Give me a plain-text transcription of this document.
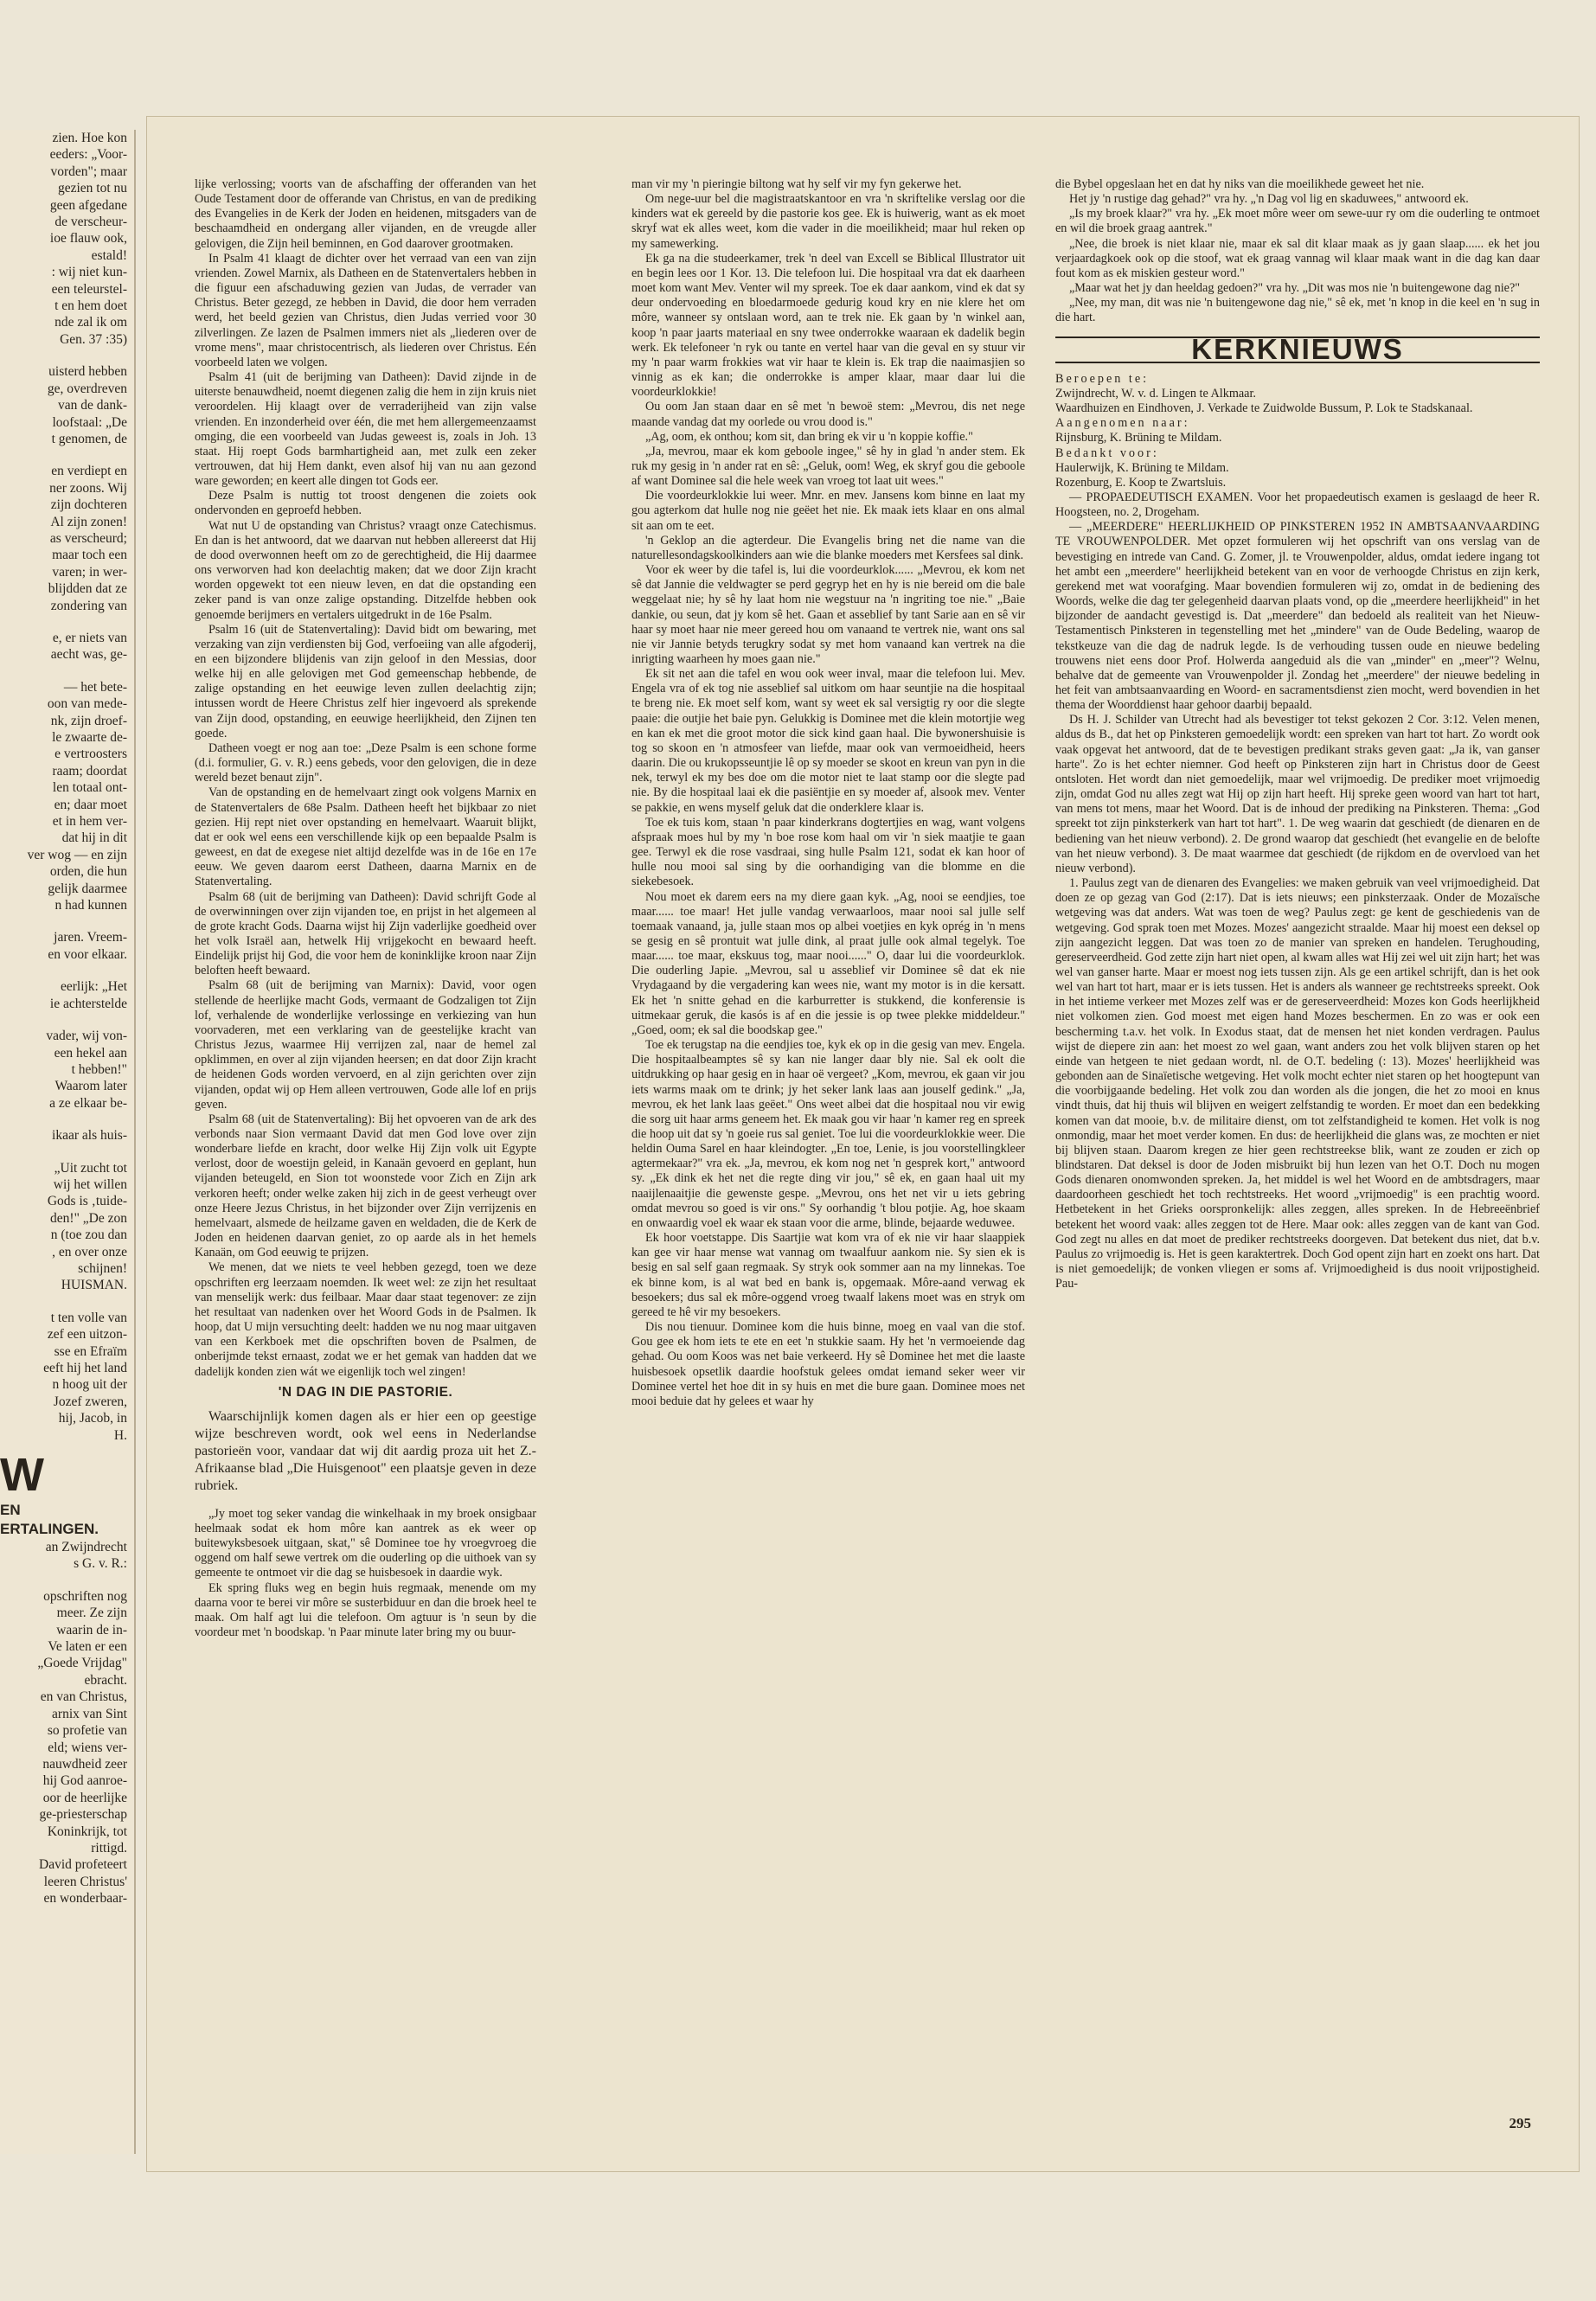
zien. Hoe kon
eeders: „Voor-
vorden"; maar
gezien tot nu
geen afgedane
de verscheur-
ioe flauw ook,
estald!
: wij niet kun-
een teleurstel-
t en hem doet
nde zal ik om
Gen. 37 :35)
uisterd hebben
ge, overdreven
van de dank-
loofstaal: „De
t genomen, de
en verdiept en
ner zoons. Wij
zijn dochteren
Al zijn zonen!
as verscheurd;
maar toch een
varen; in wer-
blijdden dat ze
zondering van
e, er niets van
aecht was, ge-
— het bete-
oon van mede-
nk, zijn droef-
le zwaarte de-
e vertroosters
raam; doordat
len totaal ont-
en; daar moet
et in hem ver-
dat hij in dit
ver wog — en zijn
orden, die hun
gelijk daarmee
n had kunnen
jaren. Vreem-
en voor elkaar.
eerlijk: „Het
ie achterstelde
vader, wij von-
een hekel aan
t hebben!"
Waarom later
a ze elkaar be-
ikaar als huis-
„Uit zucht tot
wij het willen
Gods is ‚tuide-
den!" „De zon
n (toe zou dan
, en over onze
schijnen!
HUISMAN.
t ten volle van
zef een uitzon-
sse en Efraïm
eeft hij het land
n hoog uit der
Jozef zweren,
hij, Jacob, in
H.
W
EN
ERTALINGEN.
an Zwijndrecht
s G. v. R.:
opschriften nog
meer. Ze zijn
waarin de in-
Ve laten er een
„Goede Vrijdag"
ebracht.
en van Christus,
arnix van Sint
so profetie van
eld; wiens ver-
nauwdheid zeer
hij God aanroe-
oor de heerlijke
ge-priesterschap
Koninkrijk, tot
rittigd.
David profeteert
leeren Christus'
en wonderbaar-

lijke verlossing; voorts van de afschaffing der offeranden van het Oude Testament door de offerande van Christus, en van de prediking des Evangelies in de Kerk der Joden en heidenen, mitsgaders van de beschaamdheid en ondergang aller vijanden, en de vreugde aller gelovigen, die Zijn heil beminnen, en God daarover grootmaken.

In Psalm 41 klaagt de dichter over het verraad van een van zijn vrienden. Zowel Marnix, als Datheen en de Statenvertalers hebben in die figuur een afschaduwing gezien van Judas, de verrader van Christus. Beter gezegd, ze hebben in David, die door hem verraden werd, het beeld gezien van Christus, dien Judas verried voor 30 zilverlingen. Ze lazen de Psalmen immers niet als „liederen over de vrome mens", maar christocentrisch, als liederen over Christus. Eén voorbeeld laten we volgen.

Psalm 41 (uit de berijming van Datheen): David zijnde in de uiterste benauwdheid, noemt diegenen zalig die hem in zijn kruis niet veroordelen. Hij klaagt over de verraderijheid van zijn valse vrienden. En inzonderheid over één, die met hem allergemeenzaamst omging, die een voorbeeld van Judas geweest is, zoals in Joh. 13 staat. Hij roept Gods barmhartigheid aan, met zulk een zeker vertrouwen, dat hij Hem dankt, even alsof hij van nu aan gezond ware geworden; en keert alle dingen tot Gods eer.

Deze Psalm is nuttig tot troost dengenen die zoiets ook ondervonden en geproefd hebben.

Wat nut U de opstanding van Christus? vraagt onze Catechismus. En dan is het antwoord, dat we daarvan nut hebben allereerst dat Hij de dood overwonnen heeft om zo de gerechtigheid, die Hij daarmee ons verworven had kon deelachtig maken; dat we door Zijn kracht worden opgewekt tot een nieuw leven, en dat die opstanding een zeker pand is van onze zalige opstanding. Ditzelfde hebben ook genoemde berijmers en vertalers uitgedrukt in de 16e Psalm.

Psalm 16 (uit de Statenvertaling): David bidt om bewaring, met verzaking van zijn verdiensten bij God, verfoeiing van alle afgoderij, en een bijzondere blijdenis van zijn geloof in den Messias, door welke hij en alle gelovigen met God gemeenschap hebbende, de zalige opstanding en het eeuwige leven zullen deelachtig zijn; intussen wordt de Heere Christus zelf hier ingevoerd als sprekende van Zijn dood, opstanding, en eeuwige heerlijkheid, den Zijnen ten goede.

Datheen voegt er nog aan toe: „Deze Psalm is een schone forme (d.i. formulier, G. v. R.) eens gebeds, voor den gelovigen, die in deze wereld bezet benaut zijn".

Van de opstanding en de hemelvaart zingt ook volgens Marnix en de Statenvertalers de 68e Psalm. Datheen heeft het bijkbaar zo niet gezien. Hij rept niet over opstanding en hemelvaart. Waaruit blijkt, dat er ook wel eens een verschillende kijk op een bepaalde Psalm is geweest, en dat de exegese niet altijd dezelfde was in de 16e en 17e eeuw. We geven daarom eerst Datheen, daarna Marnix en de Statenvertaling.

Psalm 68 (uit de berijming van Datheen): David schrijft Gode al de overwinningen over zijn vijanden toe, en prijst in het algemeen al de grote kracht Gods. Daarna wijst hij Zijn vaderlijke goedheid over het volk Israël aan, hetwelk Hij vrijgekocht en bewaard heeft. Eindelijk prijst hij God, die voor hem de koninklijke kroon naar Zijn beloften heeft bewaard.

Psalm 68 (uit de berijming van Marnix): David, voor ogen stellende de heerlijke macht Gods, vermaant de Godzaligen tot Zijn lof, verhalende de wonderlijke verlossinge en verkiezing van hun voorvaderen, met een verklaring van de geestelijke kracht van Christus Jezus, waarmee Hij verrijzen zal, naar de hemel zal opklimmen, en over al zijn vijanden heersen; en dat door Zijn kracht de heidenen Gods worden vervoerd, en al zijn gerichten over zijn vijanden, opdat wij op Hem alleen vertrouwen, Gode alle lof en prijs geven.

Psalm 68 (uit de Statenvertaling): Bij het opvoeren van de ark des verbonds naar Sion vermaant David dat men God love over zijn wonderbare liefde en kracht, door welke Hij Zijn volk uit Egypte verlost, door de woestijn geleid, in Kanaän gevoerd en geplant, hun vijanden beteugeld, en Sion tot woonstede voor Zich en Zijn ark verkoren heeft; onder welke zaken hij zich in de geest verheugt over onze Heere Jezus Christus, in het bijzonder over Zijn verrijzenis en hemelvaart, alsmede de heilzame gaven en weldaden, die de Kerk de Joden en heidenen daarvan geniet, zo op aarde als in het hemels Kanaän, om God eeuwig te prijzen.

We menen, dat we niets te veel hebben gezegd, toen we deze opschriften erg leerzaam noemden. Ik weet wel: ze zijn het resultaat van menselijk werk: dus feilbaar. Maar daar staat tegenover: ze zijn het resultaat van nadenken over het Woord Gods in de Psalmen. Ik hoop, dat U mijn versuchting deelt: hadden we nu nog maar uitgaven van een Kerkboek met die opschriften boven de Psalmen, de onberijmde tekst ernaast, zodat we er het gemak van hadden dat we dadelijk konden zien wát we eigenlijk toch wel zingen!

'N DAG IN DIE PASTORIE.

Waarschijnlijk komen dagen als er hier een op geestige wijze beschreven wordt, ook wel eens in Nederlandse pastorieën voor, vandaar dat wij dit aardig proza uit het Z.-Afrikaanse blad „Die Huisgenoot" een plaatsje geven in deze rubriek.

„Jy moet tog seker vandag die winkelhaak in my broek onsigbaar heelmaak sodat ek hom môre kan aantrek as ek weer op buitewyksbesoek uitgaan, skat," sê Dominee toe hy vroegvroeg die oggend om half sewe vertrek om die ouderling op die uithoek van sy gemeente te ontmoet vir die dag se huisbesoek in daardie wyk.

Ek spring fluks weg en begin huis regmaak, menende om my daarna voor te berei vir môre se susterbiduur en dan die broek heel te maak. Om half agt lui die telefoon. Om agtuur is 'n seun by die voordeur met 'n boodskap. 'n Paar minute later bring my ou buur-

man vir my 'n pieringie biltong wat hy self vir my fyn gekerwe het.

Om nege-uur bel die magistraatskantoor en vra 'n skriftelike verslag oor die kinders wat ek gereeld by die pastorie kos gee. Ek is huiwerig, want as ek moet skryf wat ek alles weet, kom die vader in die moeilikheid; maar hul reken op my samewerking.

Ek ga na die studeerkamer, trek 'n deel van Excell se Biblical Illustrator uit en begin lees oor 1 Kor. 13. Die telefoon lui. Die hospitaal vra dat ek daarheen moet kom want Mev. Venter wil my spreek. Toe ek daar aankom, vind ek dat sy deur ondervoeding en bloedarmoede gedurig koud kry en nie klere het om môre, wanneer sy ontslaan word, aan te trek nie. Ek gaan by 'n winkel aan, koop 'n paar jaarts materiaal en sny twee onderrokke waaraan ek dadelik begin werk. Ek telefoneer 'n ryk ou tante en vertel haar van die geval en sy stuur vir my 'n paar warm frokkies wat vir haar te klein is. Ek trap die naaimasjien so vinnig as ek kan; die onderrokke is amper klaar, maar daar lui die voordeurklokkie!

Ou oom Jan staan daar en sê met 'n bewoë stem: „Mevrou, dis net nege maande vandag dat my oorlede ou vrou dood is."

„Ag, oom, ek onthou; kom sit, dan bring ek vir u 'n koppie koffie."

„Ja, mevrou, maar ek kom geboole ingee," sê hy in glad 'n ander stem. Ek ruk my gesig in 'n ander rat en sê: „Geluk, oom! Weg, ek skryf gou die geboole af want Dominee sal die hele week van vroeg tot laat uit wees."

Die voordeurklokkie lui weer. Mnr. en mev. Jansens kom binne en laat my gou agterkom dat hulle nog nie geëet het nie. Ek maak iets klaar en ons almal sit aan om te eet.

'n Geklop an die agterdeur. Die Evangelis bring net die name van die naturellesondagskoolkinders aan wie die blanke moeders met Kersfees sal dink.

Voor ek weer by die tafel is, lui die voordeurklok...... „Mevrou, ek kom net sê dat Jannie die veldwagter se perd gegryp het en hy is nie bereid om die bale weggelaat nie; hy sê hy laat hom nie wegstuur na 'n ingriting toe nie." „Baie dankie, ou seun, dat jy kom sê het. Gaan et asseblief by tant Sarie aan en sê vir haar sy moet haar nie meer gereed hou om vanaand te vertrek nie, want ons sal nie vir Jannie betyds terugkry sodat sy met hom vanaand kan vertrek na die inrigting waarheen hy moes gaan nie."

Ek sit net aan die tafel en wou ook weer inval, maar die telefoon lui. Mev. Engela vra of ek tog nie asseblief sal uitkom om haar seuntjie na die hospitaal te breng nie. Ek moet self kom, want sy weet ek sal versigtig ry oor die slegte paaie: die outjie het baie pyn. Gelukkig is Dominee met die klein motortjie weg en kan ek met die groot motor die sick kind gaan haal. Die bywonershuisie is tog so skoon en 'n atmosfeer van liefde, maar ook van vermoeidheid, heers daarin. Die ou krukopsseuntjie lê op sy moeder se skoot en kreun van pyn in die nek, terwyl ek my bes doe om die motor niet te laat stamp oor die slegte pad nie. By die hospitaal laai ek die pasiëntjie en sy moeder af, alsook mev. Venter se pakkie, en wens myself geluk dat die onderklere klaar is.

Toe ek tuis kom, staan 'n paar kinderkrans dogtertjies en wag, want volgens afspraak moes hul by my 'n boe rose kom haal om vir 'n siek maatjie te gaan gee. Terwyl ek die rose vasdraai, sing hulle Psalm 121, sodat ek kan hoor of hulle nou mooi sal sing by die oorhandiging van die blomme en die siekebesoek.

Nou moet ek darem eers na my diere gaan kyk. „Ag, nooi se eendjies, toe maar...... toe maar! Het julle vandag verwaarloos, maar nooi sal julle self toemaak vanaand, ja, julle staan mos op albei voetjies en kyk oprég in 'n mens se gesig en sê prontuit wat julle dink, al praat julle ook almal tegelyk. Toe maar...... toe maar, ekskuus tog, maar nooi......" O, daar lui die voordeurklok. Die ouderling Japie. „Mevrou, sal u asseblief vir Dominee sê dat ek nie Vrydagaand by die vergadering kan wees nie, want my motor is in die kersatt. Ek het 'n snitte gehad en die karburretter is stukkend, die konferensie is uitmekaar geruk, die kasós is af en die jessie is op twee plekke middeldeur." „Goed, oom; ek sal die boodskap gee."

Toe ek terugstap na die eendjies toe, kyk ek op in die gesig van mev. Engela. Die hospitaalbeamptes sê sy kan nie langer daar bly nie. Sal ek oolt die uitdrukking op haar gesig en in haar oë vergeet? „Kom, mevrou, ek gaan vir jou iets warms maak om te drink; jy het seker lank laas aan jouself gedink." „Ja, mevrou, ek het lank laas geëet." Ons weet albei dat die hospitaal nou vir ewig die sorg uit haar arms geneem het. Ek maak gou vir haar 'n kamer reg en spreek die hoop uit dat sy 'n goeie rus sal geniet. Toe lui die voordeurklokkie weer. Die heldin Ouma Sarel en haar kleindogter. „En toe, Lenie, is jou voorstellingkleer agtermekaar?" vra ek. „Ja, mevrou, ek kom nog net 'n gesprek kort," antwoord sy. „Ek dink ek het net die regte ding vir jou," sê ek, en gaan haal uit my naaijlenaaitjie die gewenste gespe. „Mevrou, ons het net vir u iets gebring omdat mevrou so goed is vir ons." Sy oorhandig 't blou potjie. Ag, hoe skaam en onwaardig voel ek waar ek staan voor die arme, blinde, bejaarde weduwee.

Ek hoor voetstappe. Dis Saartjie wat kom vra of ek nie vir haar slaappiek kan gee vir haar mense wat vannag om twaalfuur aankom nie. Sy sien ek is besig en sal self gaan regmaak. Sy stryk ook sommer aan na my linnekas. Toe ek binne kom, is al wat bed en bank is, opgemaak. Môre-aand verwag ek besoekers; dus sal ek môre-oggend vroeg twaalf lakens moet was en stryk om gereed te hê vir my besoekers.

Dis nou tienuur. Dominee kom die huis binne, moeg en vaal van die stof. Gou gee ek hom iets te ete en eet 'n stukkie saam. Hy het 'n vermoeiende dag gehad. Ou oom Koos was net baie verkeerd. Hy sê Dominee het met die laaste huisbesoek opsetlik daardie hoofstuk gelees omdat iemand seker weer vir Dominee vertel het hoe dit in sy huis en met die bure gaan. Dominee moes net mooi beduie dat hy gelees et waar hy

die Bybel opgeslaan het en dat hy niks van die moeilikhede geweet het nie.

Het jy 'n rustige dag gehad?" vra hy. „'n Dag vol lig en skaduwees," antwoord ek.

„Is my broek klaar?" vra hy. „Ek moet môre weer om sewe-uur ry om die ouderling te ontmoet en wil die broek graag aantrek."

„Nee, die broek is niet klaar nie, maar ek sal dit klaar maak as jy gaan slaap...... ek het jou verjaardagkoek ook op die stoof, wat ek graag vannag wil klaar maak want in die dag kan daar fout kom as ek miskien gesteur word."

„Maar wat het jy dan heeldag gedoen?" vra hy. „Dit was mos nie 'n buitengewone dag nie?"

„Nee, my man, dit was nie 'n buitengewone dag nie," sê ek, met 'n knop in die keel en 'n sug in die hart.

KERKNIEUWS

Beroepen te:

Zwijndrecht, W. v. d. Lingen te Alkmaar.

Waardhuizen en Eindhoven, J. Verkade te Zuidwolde Bussum, P. Lok te Stadskanaal.

Aangenomen naar:

Rijnsburg, K. Brüning te Mildam.

Bedankt voor:

Haulerwijk, K. Brüning te Mildam.

Rozenburg, E. Koop te Zwartsluis.

— PROPAEDEUTISCH EXAMEN. Voor het propaedeutisch examen is geslaagd de heer R. Hoogsteen, no. 2, Drogeham.

— „MEERDERE" HEERLIJKHEID OP PINKSTEREN 1952 IN AMBTSAANVAARDING TE VROUWENPOLDER. Met opzet formuleren wij het opschrift van ons verslag van de bevestiging en intrede van Cand. G. Zomer, jl. te Vrouwenpolder, aldus, omdat iedere ingang tot het ambt een „meerdere" heerlijkheid betekent van en voor de verhoogde Christus en zijn kerk, gerekend met wat voorafging. Maar bovendien formuleren wij zo, omdat in de bediening des Woords, welke die dag ter gelegenheid daarvan plaats vond, op die „meerdere heerlijkheid" in het bijzonder de aandacht gevestigd is. Dat „meerdere" dan bedoeld als realiteit van het Nieuw-Testamentisch Pinksteren in tegenstelling met het „mindere" van de Oude Bedeling, waarop de tekstkeuze van die dag de nadruk legde. Is de verhouding tussen oude en nieuwe bedeling trouwens niet eens door Prof. Holwerda aangeduid als die van „minder" en „meer"? Welnu, behalve dat de gemeente van Vrouwenpolder jl. Zondag het „meerdere" der nieuwe bedeling in het feit van ambtsaanvaarding en Woord- en sacramentsdienst zien mocht, werd bovendien in het thema der Woorddienst haar gehoor daarbij bepaald.

Ds H. J. Schilder van Utrecht had als bevestiger tot tekst gekozen 2 Cor. 3:12. Velen menen, aldus ds B., dat het op Pinksteren gemoedelijk wordt: een spreken van hart tot hart. Zo wordt ook vaak opgevat het antwoord, dat de te bevestigen predikant straks geven gaat: „Ja ik, van ganser harte". Zo is het echter niemner. God heeft op Pinksteren zijn hart in Christus door de Geest ontsloten. Het wordt dan niet gemoedelijk, maar wel vrijmoedig. De prediker moet vrijmoedig zijn, omdat God nu alles zegt wat Hij op zijn hart heeft. Hij spreke geen woord van hart tot hart, van mens tot mens, maar het Woord. Dat is de inhoud der prediking na Pinksteren. Thema: „God spreekt tot zijn pinksterkerk van hart tot hart". 1. De weg waarin dat geschiedt (de dienaren en de bediening van het nieuw verbond). 2. De grond waarop dat geschiedt (het evangelie en de belofte van het nieuw verbond). 3. De maat waarmee dat geschiedt (de rijkdom en de overvloed van het nieuw verbond).

1. Paulus zegt van de dienaren des Evangelies: we maken gebruik van veel vrijmoedigheid. Dat doen ze op gezag van God (2:17). Dat is iets nieuws; een pinksterzaak. Onder de Mozaïsche wetgeving was dat anders. Wat was toen de weg? Paulus zegt: ge kent de geschiedenis van de wetgeving. God sprak toen met Mozes. Mozes' aangezicht straalde. Maar hij moest een deksel op zijn aangezicht leggen. Dat was toen zo de manier van spreken en handelen. Terughouding, gereserveerdheid. God zette zijn hart niet open, al kwam alles wat Hij zei wel uit zijn hart; het was wel van ganser harte. Maar er moest nog iets tussen zijn. Als ge een artikel schrijft, dan is het ook wel van hart tot hart, maar er is iets tussen. Het is anders als wanneer ge rechtstreeks spreekt. Ook in het intieme verkeer met Mozes zelf was er de gereserveerdheid: Mozes kon Gods heerlijkheid niet volkomen zien. God moest met eigen hand Mozes beschermen. En zo was er ook een bescherming t.a.v. het volk. In Exodus staat, dat de mensen het niet konden verdragen. Paulus wijst de diepere zin aan: het moest zo wel gaan, want anders zou het volk blijven staren op het einde van hetgeen te niet gedaan wordt, nl. de O.T. bedeling (: 13). Mozes' heerlijkheid was gebonden aan de Sinaïetische wetgeving. Het volk mocht echter niet staren op het hoogtepunt van die voorbijgaande bedeling. Het volk zou dan worden als die jongen, die het zo mooi en knus vindt thuis, dat hij thuis wil blijven en weigert zelfstandig te worden. Er moet dan een bedekking komen van dat mooie, b.v. de militaire dienst, om tot zelfstandigheid te komen. Het volk is nog onmondig, maar het moet verder komen. En dus: de heerlijkheid die glans was, ze mochten er niet bij blijven staan. Daarom kregen ze hier geen rechtstreekse blik, want ze zouden er zich op blindstaren. Dat deksel is door de Joden misbruikt bij hun lezen van het O.T. Doch nu mogen Gods dienaren onomwonden spreken. Ja, het middel is wel het Woord en de ambtsdragers, maar daardoorheen geschiedt het toch rechtstreeks. Het woord „vrijmoedig" is een prachtig woord. Hetbetekent in het Grieks oorspronkelijk: alles zeggen, alles spreken. In de Hebreeënbrief betekent het woord vaak: alles zeggen tot de Here. Maar ook: alles zeggen van de kant van God. God zegt nu alles en dat moet de prediker rechtstreeks doorgeven. Dat betekent dus niet, dat b.v. Paulus zo vrijmoedig is. Het is geen karaktertrek. Doch God opent zijn hart en zoekt ons hart. Dat is niet gemoedelijk; de vonken vliegen er soms af. Vrijmoedigheid is dus nooit vrijpostigheid. Pau-

295
